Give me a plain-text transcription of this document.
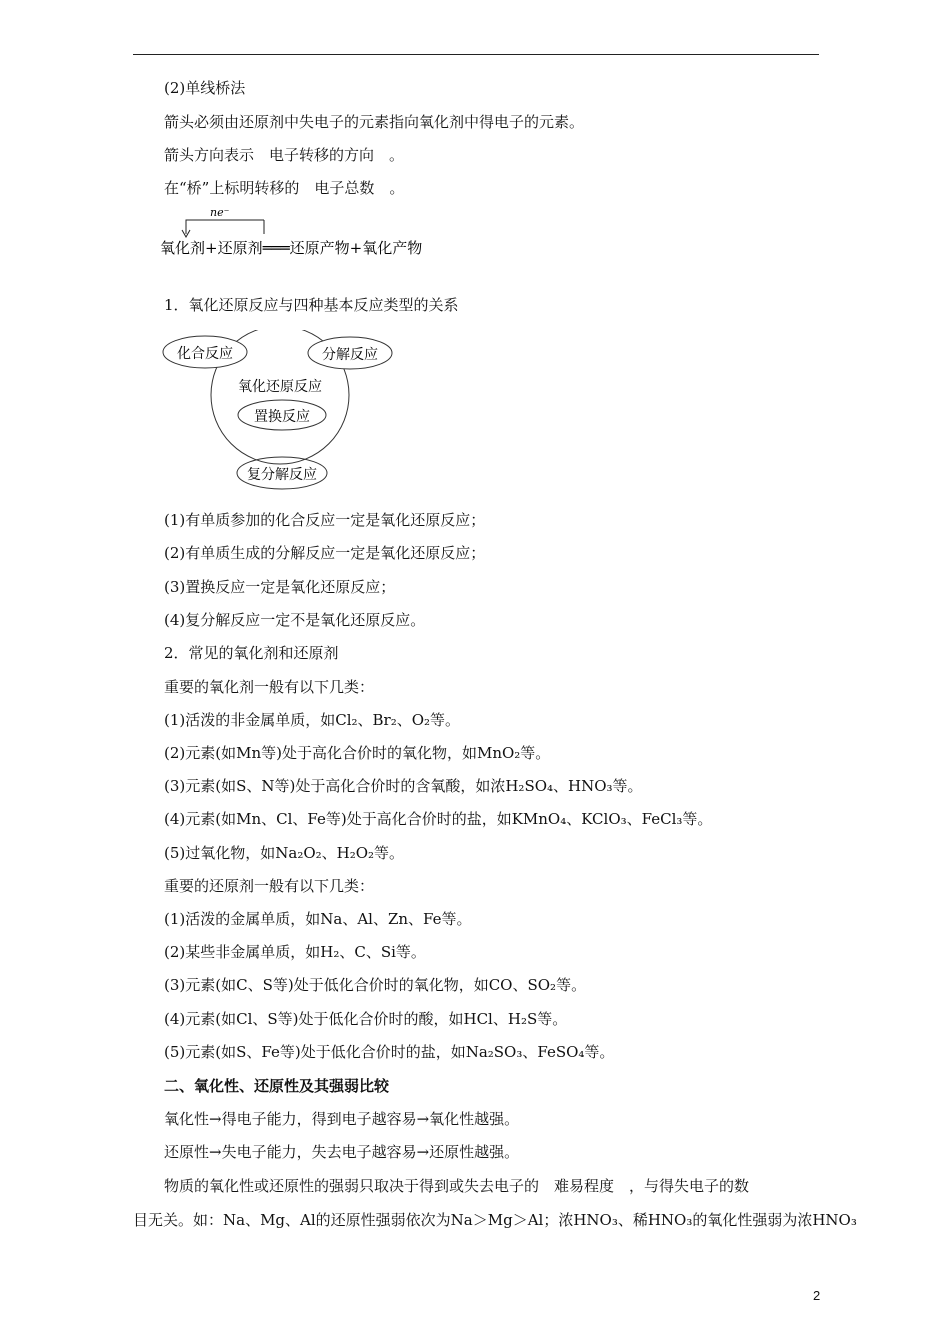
(2)单线桥法
箭头必须由还原剂中失电子的元素指向氧化剂中得电子的元素。
箭头方向表示　电子转移的方向　。
在“桥”上标明转移的　电子总数　。
ne⁻
氧化剂+还原剂═══还原产物+氧化产物
1．氧化还原反应与四种基本反应类型的关系
化合反应	分解反应
氧化还原反应
置换反应
复分解反应
(1)有单质参加的化合反应一定是氧化还原反应；
(2)有单质生成的分解反应一定是氧化还原反应；
(3)置换反应一定是氧化还原反应；
(4)复分解反应一定不是氧化还原反应。
2．常见的氧化剂和还原剂
重要的氧化剂一般有以下几类：
(1)活泼的非金属单质，如Cl₂、Br₂、O₂等。
(2)元素(如Mn等)处于高化合价时的氧化物，如MnO₂等。
(3)元素(如S、N等)处于高化合价时的含氧酸，如浓H₂SO₄、HNO₃等。
(4)元素(如Mn、Cl、Fe等)处于高化合价时的盐，如KMnO₄、KClO₃、FeCl₃等。
(5)过氧化物，如Na₂O₂、H₂O₂等。
重要的还原剂一般有以下几类：
(1)活泼的金属单质，如Na、Al、Zn、Fe等。
(2)某些非金属单质，如H₂、C、Si等。
(3)元素(如C、S等)处于低化合价时的氧化物，如CO、SO₂等。
(4)元素(如Cl、S等)处于低化合价时的酸，如HCl、H₂S等。
(5)元素(如S、Fe等)处于低化合价时的盐，如Na₂SO₃、FeSO₄等。
二、氧化性、还原性及其强弱比较
氧化性→得电子能力，得到电子越容易→氧化性越强。
还原性→失电子能力，失去电子越容易→还原性越强。
物质的氧化性或还原性的强弱只取决于得到或失去电子的　难易程度　，与得失电子的数
目无关。如：Na、Mg、Al的还原性强弱依次为Na＞Mg＞Al；浓HNO₃、稀HNO₃的氧化性强弱为浓HNO₃
2
